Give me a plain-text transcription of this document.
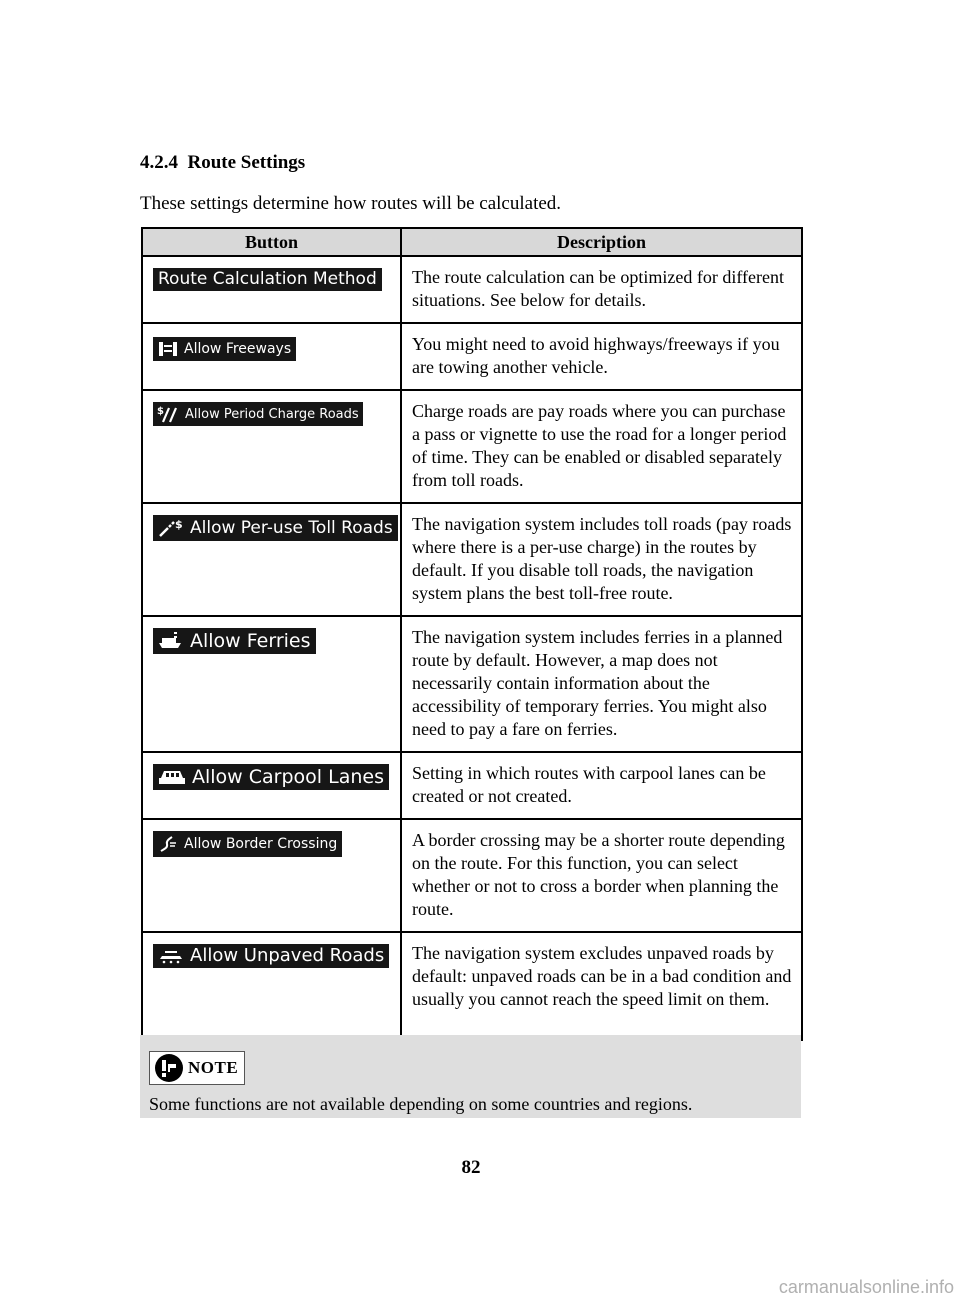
4.2.4 Route Settings
These settings determine how routes will be calculated.
Button	Description

Route Calculation Method	The route calculation can be optimized for different situations. See below for details.

Allow Freeways	You might need to avoid highways/freeways if you are towing another vehicle.

$ Allow Period Charge Roads	Charge roads are pay roads where you can purchase a pass or vignette to use the road for a longer period of time. They can be enabled or disabled separately from toll roads.

$ Allow Per-use Toll Roads	The navigation system includes toll roads (pay roads where there is a per-use charge) in the routes by default. If you disable toll roads, the navigation system plans the best toll-free route.

Allow Ferries	The navigation system includes ferries in a planned route by default. However, a map does not necessarily contain information about the accessibility of temporary ferries. You might also need to pay a fare on ferries.

Allow Carpool Lanes	Setting in which routes with carpool lanes can be created or not created.

Allow Border Crossing	A border crossing may be a shorter route depending on the route. For this function, you can select whether or not to cross a border when planning the route.

Allow Unpaved Roads	The navigation system excludes unpaved roads by default: unpaved roads can be in a bad condition and usually you cannot reach the speed limit on them.
NOTE
Some functions are not available depending on some countries and regions.
82
carmanualsonline.info
